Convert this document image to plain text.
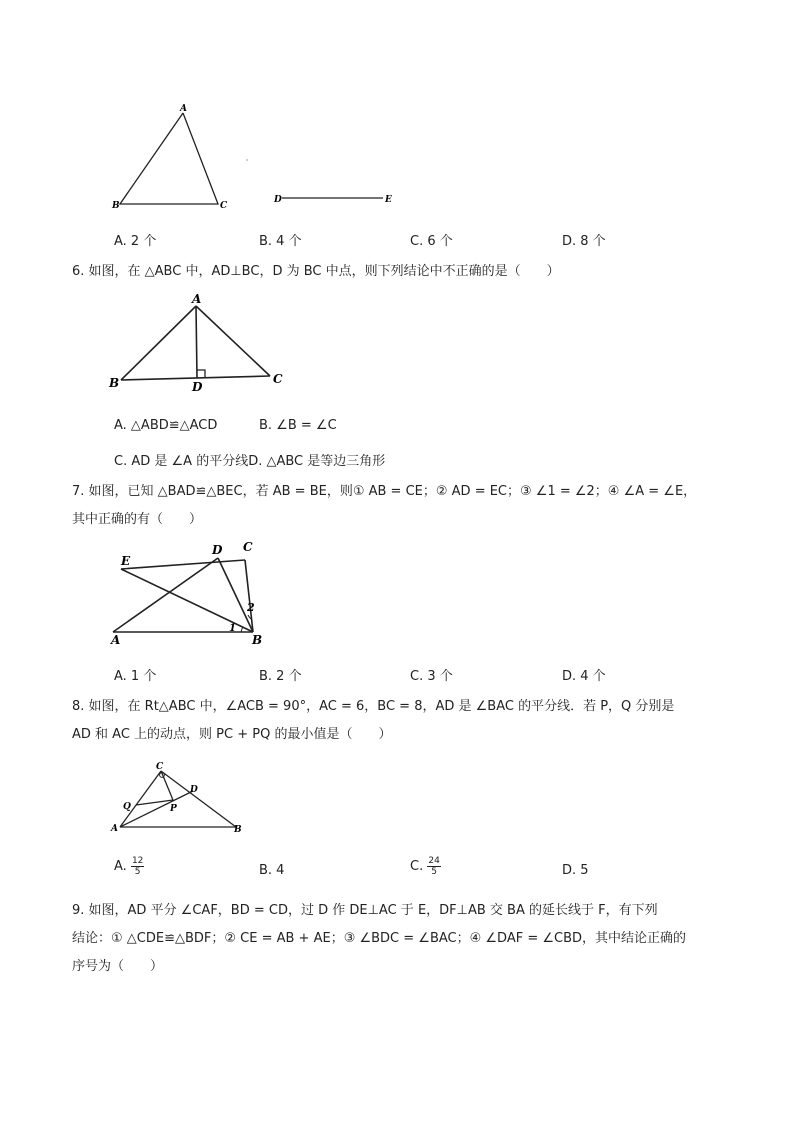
A
B	C
D	E
A. 2 个	B. 4 个	C. 6 个	D. 8 个
6. 如图，在 △ABC 中，AD⊥BC，D 为 BC 中点，则下列结论中不正确的是（　　）
A
B	C
D
A. △ABD≌△ACD	B. ∠B = ∠C
C. AD 是 ∠A 的平分线D. △ABC 是等边三角形
7. 如图，已知 △BAD≌△BEC，若 AB = BE，则① AB = CE；② AD = EC；③ ∠1 = ∠2；④ ∠A = ∠E，
其中正确的有（　　）
E
D C
A	B
1
2
A. 1 个	B. 2 个	C. 3 个	D. 4 个
8. 如图，在 Rt△ABC 中，∠ACB = 90°，AC = 6，BC = 8，AD 是 ∠BAC 的平分线．若 P，Q 分别是
AD 和 AC 上的动点，则 PC + PQ 的最小值是（　　）
C
D
Q	P
A	B
A. $\frac{12}{5}$	B. 4	C. $\frac{24}{5}$	D. 5
9. 如图，AD 平分 ∠CAF，BD = CD，过 D 作 DE⊥AC 于 E，DF⊥AB 交 BA 的延长线于 F，有下列
结论：① △CDE≌△BDF；② CE = AB + AE；③ ∠BDC = ∠BAC；④ ∠DAF = ∠CBD，其中结论正确的
序号为（　　）
